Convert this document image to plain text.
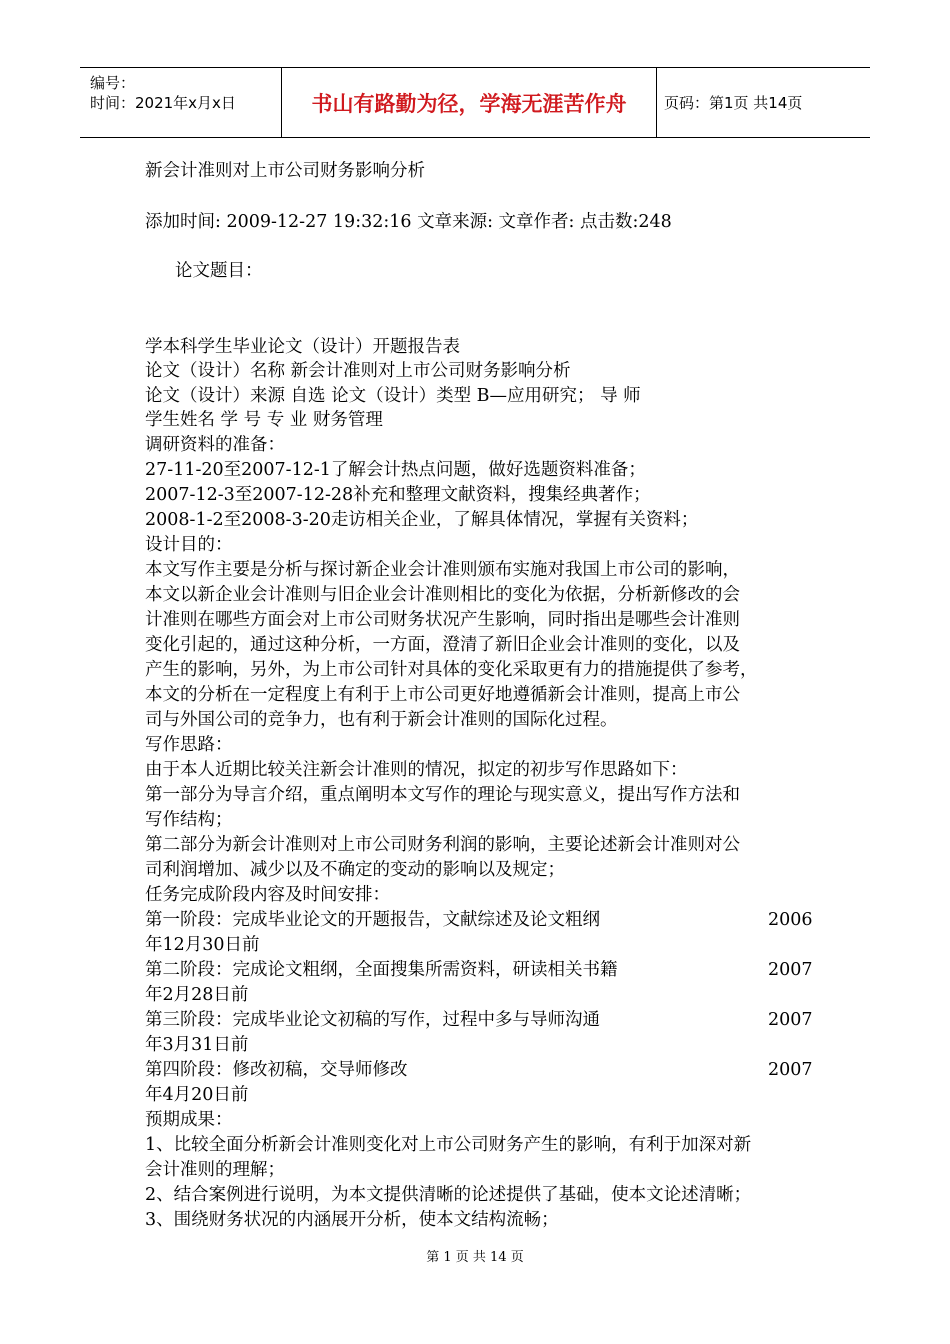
编号：
时间：2021年x月x日	书山有路勤为径，学海无涯苦作舟	页码：第1页 共14页
新会计准则对上市公司财务影响分析
添加时间: 2009-12-27 19:32:16 文章来源: 文章作者: 点击数:248
论文题目：
学本科学生毕业论文（设计）开题报告表
论文（设计）名称 新会计准则对上市公司财务影响分析
论文（设计）来源 自选 论文（设计）类型 B—应用研究； 导 师
学生姓名 学 号 专 业 财务管理
调研资料的准备：
27-11-20至2007-12-1了解会计热点问题，做好选题资料准备；
2007-12-3至2007-12-28补充和整理文献资料，搜集经典著作；
2008-1-2至2008-3-20走访相关企业，了解具体情况，掌握有关资料；
设计目的：
本文写作主要是分析与探讨新企业会计准则颁布实施对我国上市公司的影响，
本文以新企业会计准则与旧企业会计准则相比的变化为依据，分析新修改的会
计准则在哪些方面会对上市公司财务状况产生影响，同时指出是哪些会计准则
变化引起的，通过这种分析，一方面，澄清了新旧企业会计准则的变化，以及
产生的影响，另外，为上市公司针对具体的变化采取更有力的措施提供了参考，
本文的分析在一定程度上有利于上市公司更好地遵循新会计准则，提高上市公
司与外国公司的竞争力，也有利于新会计准则的国际化过程。
写作思路：
由于本人近期比较关注新会计准则的情况，拟定的初步写作思路如下：
第一部分为导言介绍，重点阐明本文写作的理论与现实意义，提出写作方法和
写作结构；
第二部分为新会计准则对上市公司财务利润的影响，主要论述新会计准则对公
司利润增加、减少以及不确定的变动的影响以及规定；
任务完成阶段内容及时间安排：
第一阶段：完成毕业论文的开题报告，文献综述及论文粗纲	2006
年12月30日前
第二阶段：完成论文粗纲，全面搜集所需资料，研读相关书籍	2007
年2月28日前
第三阶段：完成毕业论文初稿的写作，过程中多与导师沟通	2007
年3月31日前
第四阶段：修改初稿，交导师修改	2007
年4月20日前
预期成果：
1、比较全面分析新会计准则变化对上市公司财务产生的影响，有利于加深对新
会计准则的理解；
2、结合案例进行说明，为本文提供清晰的论述提供了基础，使本文论述清晰；
3、围绕财务状况的内涵展开分析，使本文结构流畅；
第 1 页 共 14 页
